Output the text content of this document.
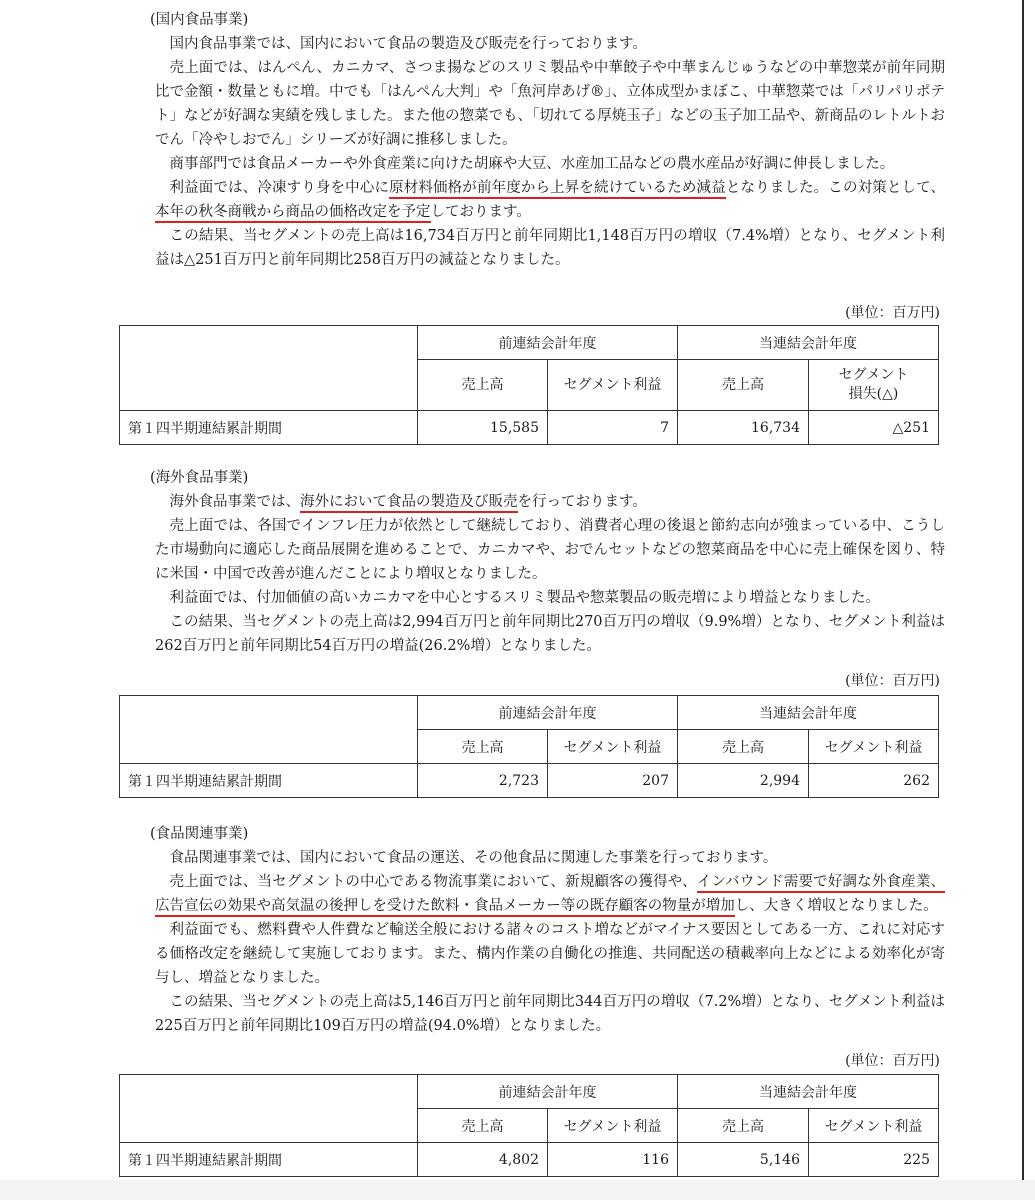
(国内食品事業)

国内食品事業では、国内において食品の製造及び販売を行っております。

売上面では、はんぺん、カニカマ、さつま揚などのスリミ製品や中華餃子や中華まんじゅうなどの中華惣菜が前年同期比で金額・数量ともに増。中でも「はんぺん大判」や「魚河岸あげ®」、立体成型かまぼこ、中華惣菜では「パリパリポテト」などが好調な実績を残しました。また他の惣菜でも、「切れてる厚焼玉子」などの玉子加工品や、新商品のレトルトおでん「冷やしおでん」シリーズが好調に推移しました。

商事部門では食品メーカーや外食産業に向けた胡麻や大豆、水産加工品などの農水産品が好調に伸長しました。

利益面では、冷凍すり身を中心に原材料価格が前年度から上昇を続けているため減益となりました。この対策として、本年の秋冬商戦から商品の価格改定を予定しております。

この結果、当セグメントの売上高は16,734百万円と前年同期比1,148百万円の増収（7.4%増）となり、セグメント利益は△251百万円と前年同期比258百万円の減益となりました。

(単位：百万円)
	前連結会計年度		当連結会計年度	
	売上高	セグメント利益	売上高	セグメント
損失(△)
第１四半期連結累計期間	15,585	7	16,734	△251
(海外食品事業)

海外食品事業では、海外において食品の製造及び販売を行っております。

売上面では、各国でインフレ圧力が依然として継続しており、消費者心理の後退と節約志向が強まっている中、こうした市場動向に適応した商品展開を進めることで、カニカマや、おでんセットなどの惣菜商品を中心に売上確保を図り、特に米国・中国で改善が進んだことにより増収となりました。

利益面では、付加価値の高いカニカマを中心とするスリミ製品や惣菜製品の販売増により増益となりました。

この結果、当セグメントの売上高は2,994百万円と前年同期比270百万円の増収（9.9%増）となり、セグメント利益は262百万円と前年同期比54百万円の増益(26.2%増）となりました。

(単位：百万円)
	前連結会計年度		当連結会計年度	
	売上高	セグメント利益	売上高	セグメント利益
第１四半期連結累計期間	2,723	207	2,994	262
(食品関連事業)

食品関連事業では、国内において食品の運送、その他食品に関連した事業を行っております。

売上面では、当セグメントの中心である物流事業において、新規顧客の獲得や、インバウンド需要で好調な外食産業、広告宣伝の効果や高気温の後押しを受けた飲料・食品メーカー等の既存顧客の物量が増加し、大きく増収となりました。

利益面でも、燃料費や人件費など輸送全般における諸々のコスト増などがマイナス要因としてある一方、これに対応する価格改定を継続して実施しております。また、構内作業の自働化の推進、共同配送の積載率向上などによる効率化が寄与し、増益となりました。

この結果、当セグメントの売上高は5,146百万円と前年同期比344百万円の増収（7.2%増）となり、セグメント利益は225百万円と前年同期比109百万円の増益(94.0%増）となりました。

(単位：百万円)
	前連結会計年度		当連結会計年度	
	売上高	セグメント利益	売上高	セグメント利益
第１四半期連結累計期間	4,802	116	5,146	225
